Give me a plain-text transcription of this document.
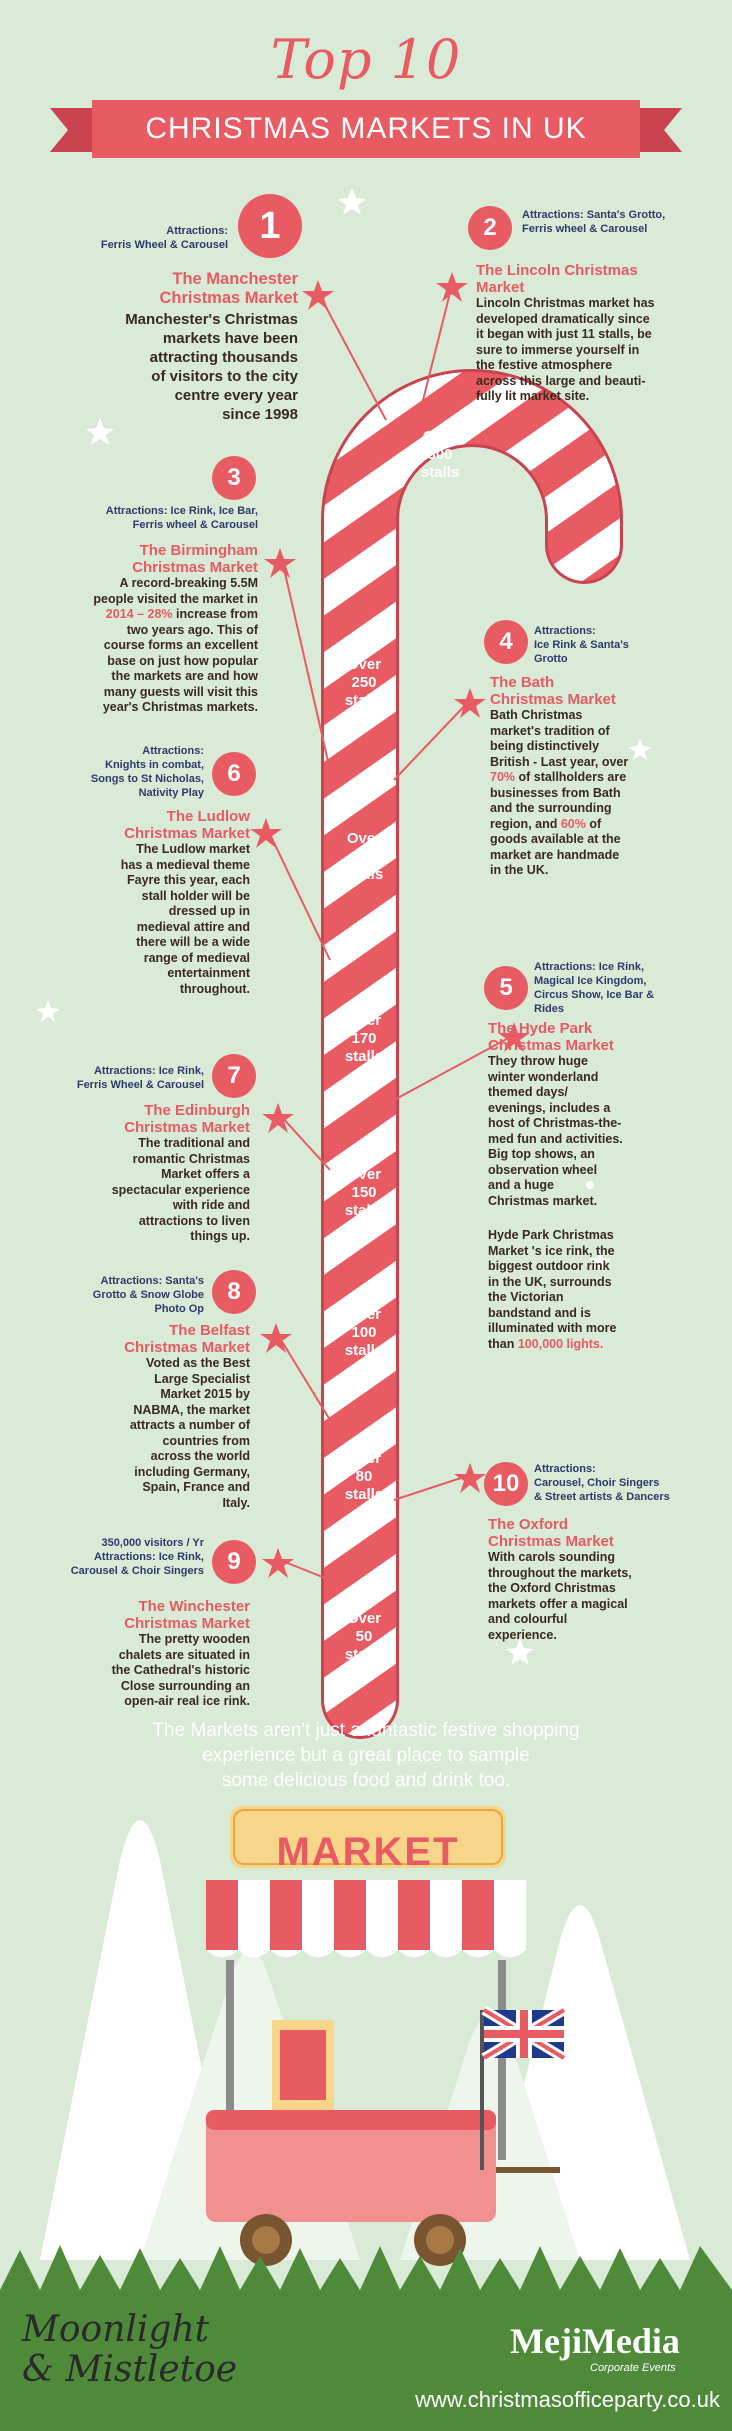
Top 10
CHRISTMAS MARKETS IN UK
Over
300
stalls
Over
250
stalls
Over
180
stalls
Over
170
stalls
Over
150
stalls
Over
100
stalls
Over
80
stalls
Over
50
stalls
1
Attractions:
Ferris Wheel & Carousel
The Manchester
Christmas Market
Manchester's Christmas
markets have been
attracting thousands
of visitors to the city
centre every year
since 1998
2	Attractions: Santa's Grotto,
Ferris wheel & Carousel
The Lincoln Christmas
Market
Lincoln Christmas market has
developed dramatically since
it began with just 11 stalls, be
sure to immerse yourself in
the festive atmosphere
across this large and beauti-
fully lit market site.
3
Attractions: Ice Rink, Ice Bar,
Ferris wheel & Carousel
The Birmingham
Christmas Market
A record-breaking 5.5M
people visited the market in
2014 – 28% increase from
two years ago. This of
course forms an excellent
base on just how popular
the markets are and how
many guests will visit this
year's Christmas markets.
4	Attractions:
Ice Rink & Santa's
Grotto
The Bath
Christmas Market
Bath Christmas
market's tradition of
being distinctively
British - Last year, over
70% of stallholders are
businesses from Bath
and the surrounding
region, and 60% of
goods available at the
market are handmade
in the UK.
6
Attractions:
Knights in combat,
Songs to St Nicholas,
Nativity Play
The Ludlow
Christmas Market
The Ludlow market
has a medieval theme
Fayre this year, each
stall holder will be
dressed up in
medieval attire and
there will be a wide
range of medieval
entertainment
throughout.	5
Attractions: Ice Rink,
Magical Ice Kingdom,
Circus Show, Ice Bar &
Rides
The Hyde Park
Christmas Market
They throw huge
winter wonderland
themed days/
evenings, includes a
host of Christmas-the-
med fun and activities.
Big top shows, an
observation wheel
and a huge
Christmas market.
Hyde Park Christmas
Market 's ice rink, the
biggest outdoor rink
in the UK, surrounds
the Victorian
bandstand and is
illuminated with more
than 100,000 lights.
7
Attractions: Ice Rink,
Ferris Wheel & Carousel
The Edinburgh
Christmas Market
The traditional and
romantic Christmas
Market offers a
spectacular experience
with ride and
attractions to liven
things up.
8
Attractions: Santa's
Grotto & Snow Globe
Photo Op
The Belfast
Christmas Market
Voted as the Best
Large Specialist
Market 2015 by
NABMA, the market
attracts a number of
countries from
across the world
including Germany,
Spain, France and
Italy.
10
Attractions:
Carousel, Choir Singers
& Street artists & Dancers
The Oxford
Christmas Market
With carols sounding
throughout the markets,
the Oxford Christmas
markets offer a magical
and colourful
experience.
9
350,000 visitors / Yr
Attractions: Ice Rink,
Carousel & Choir Singers
The Winchester
Christmas Market
The pretty wooden
chalets are situated in
the Cathedral's historic
Close surrounding an
open-air real ice rink.
The Markets aren't just a fantastic festive shopping
experience but a great place to sample
some delicious food and drink too.
MARKET
Moonlight
& Mistletoe
MejiMedia
Corporate Events
www.christmasofficeparty.co.uk
